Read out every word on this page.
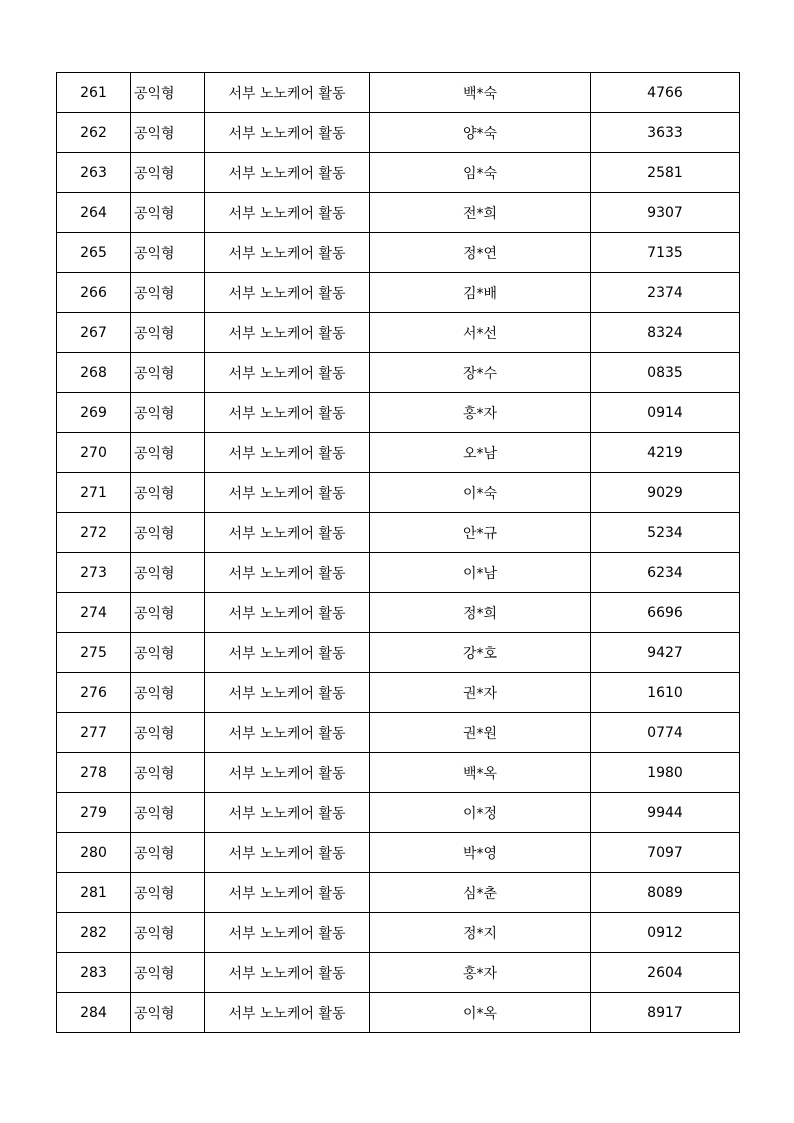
261	공익형	서부 노노케어 활동	백*숙	4766
262	공익형	서부 노노케어 활동	양*숙	3633
263	공익형	서부 노노케어 활동	임*숙	2581
264	공익형	서부 노노케어 활동	전*희	9307
265	공익형	서부 노노케어 활동	정*연	7135
266	공익형	서부 노노케어 활동	김*배	2374
267	공익형	서부 노노케어 활동	서*선	8324
268	공익형	서부 노노케어 활동	장*수	0835
269	공익형	서부 노노케어 활동	홍*자	0914
270	공익형	서부 노노케어 활동	오*남	4219
271	공익형	서부 노노케어 활동	이*숙	9029
272	공익형	서부 노노케어 활동	안*규	5234
273	공익형	서부 노노케어 활동	이*남	6234
274	공익형	서부 노노케어 활동	정*희	6696
275	공익형	서부 노노케어 활동	강*호	9427
276	공익형	서부 노노케어 활동	권*자	1610
277	공익형	서부 노노케어 활동	권*원	0774
278	공익형	서부 노노케어 활동	백*옥	1980
279	공익형	서부 노노케어 활동	이*정	9944
280	공익형	서부 노노케어 활동	박*영	7097
281	공익형	서부 노노케어 활동	심*춘	8089
282	공익형	서부 노노케어 활동	정*지	0912
283	공익형	서부 노노케어 활동	홍*자	2604
284	공익형	서부 노노케어 활동	이*옥	8917
